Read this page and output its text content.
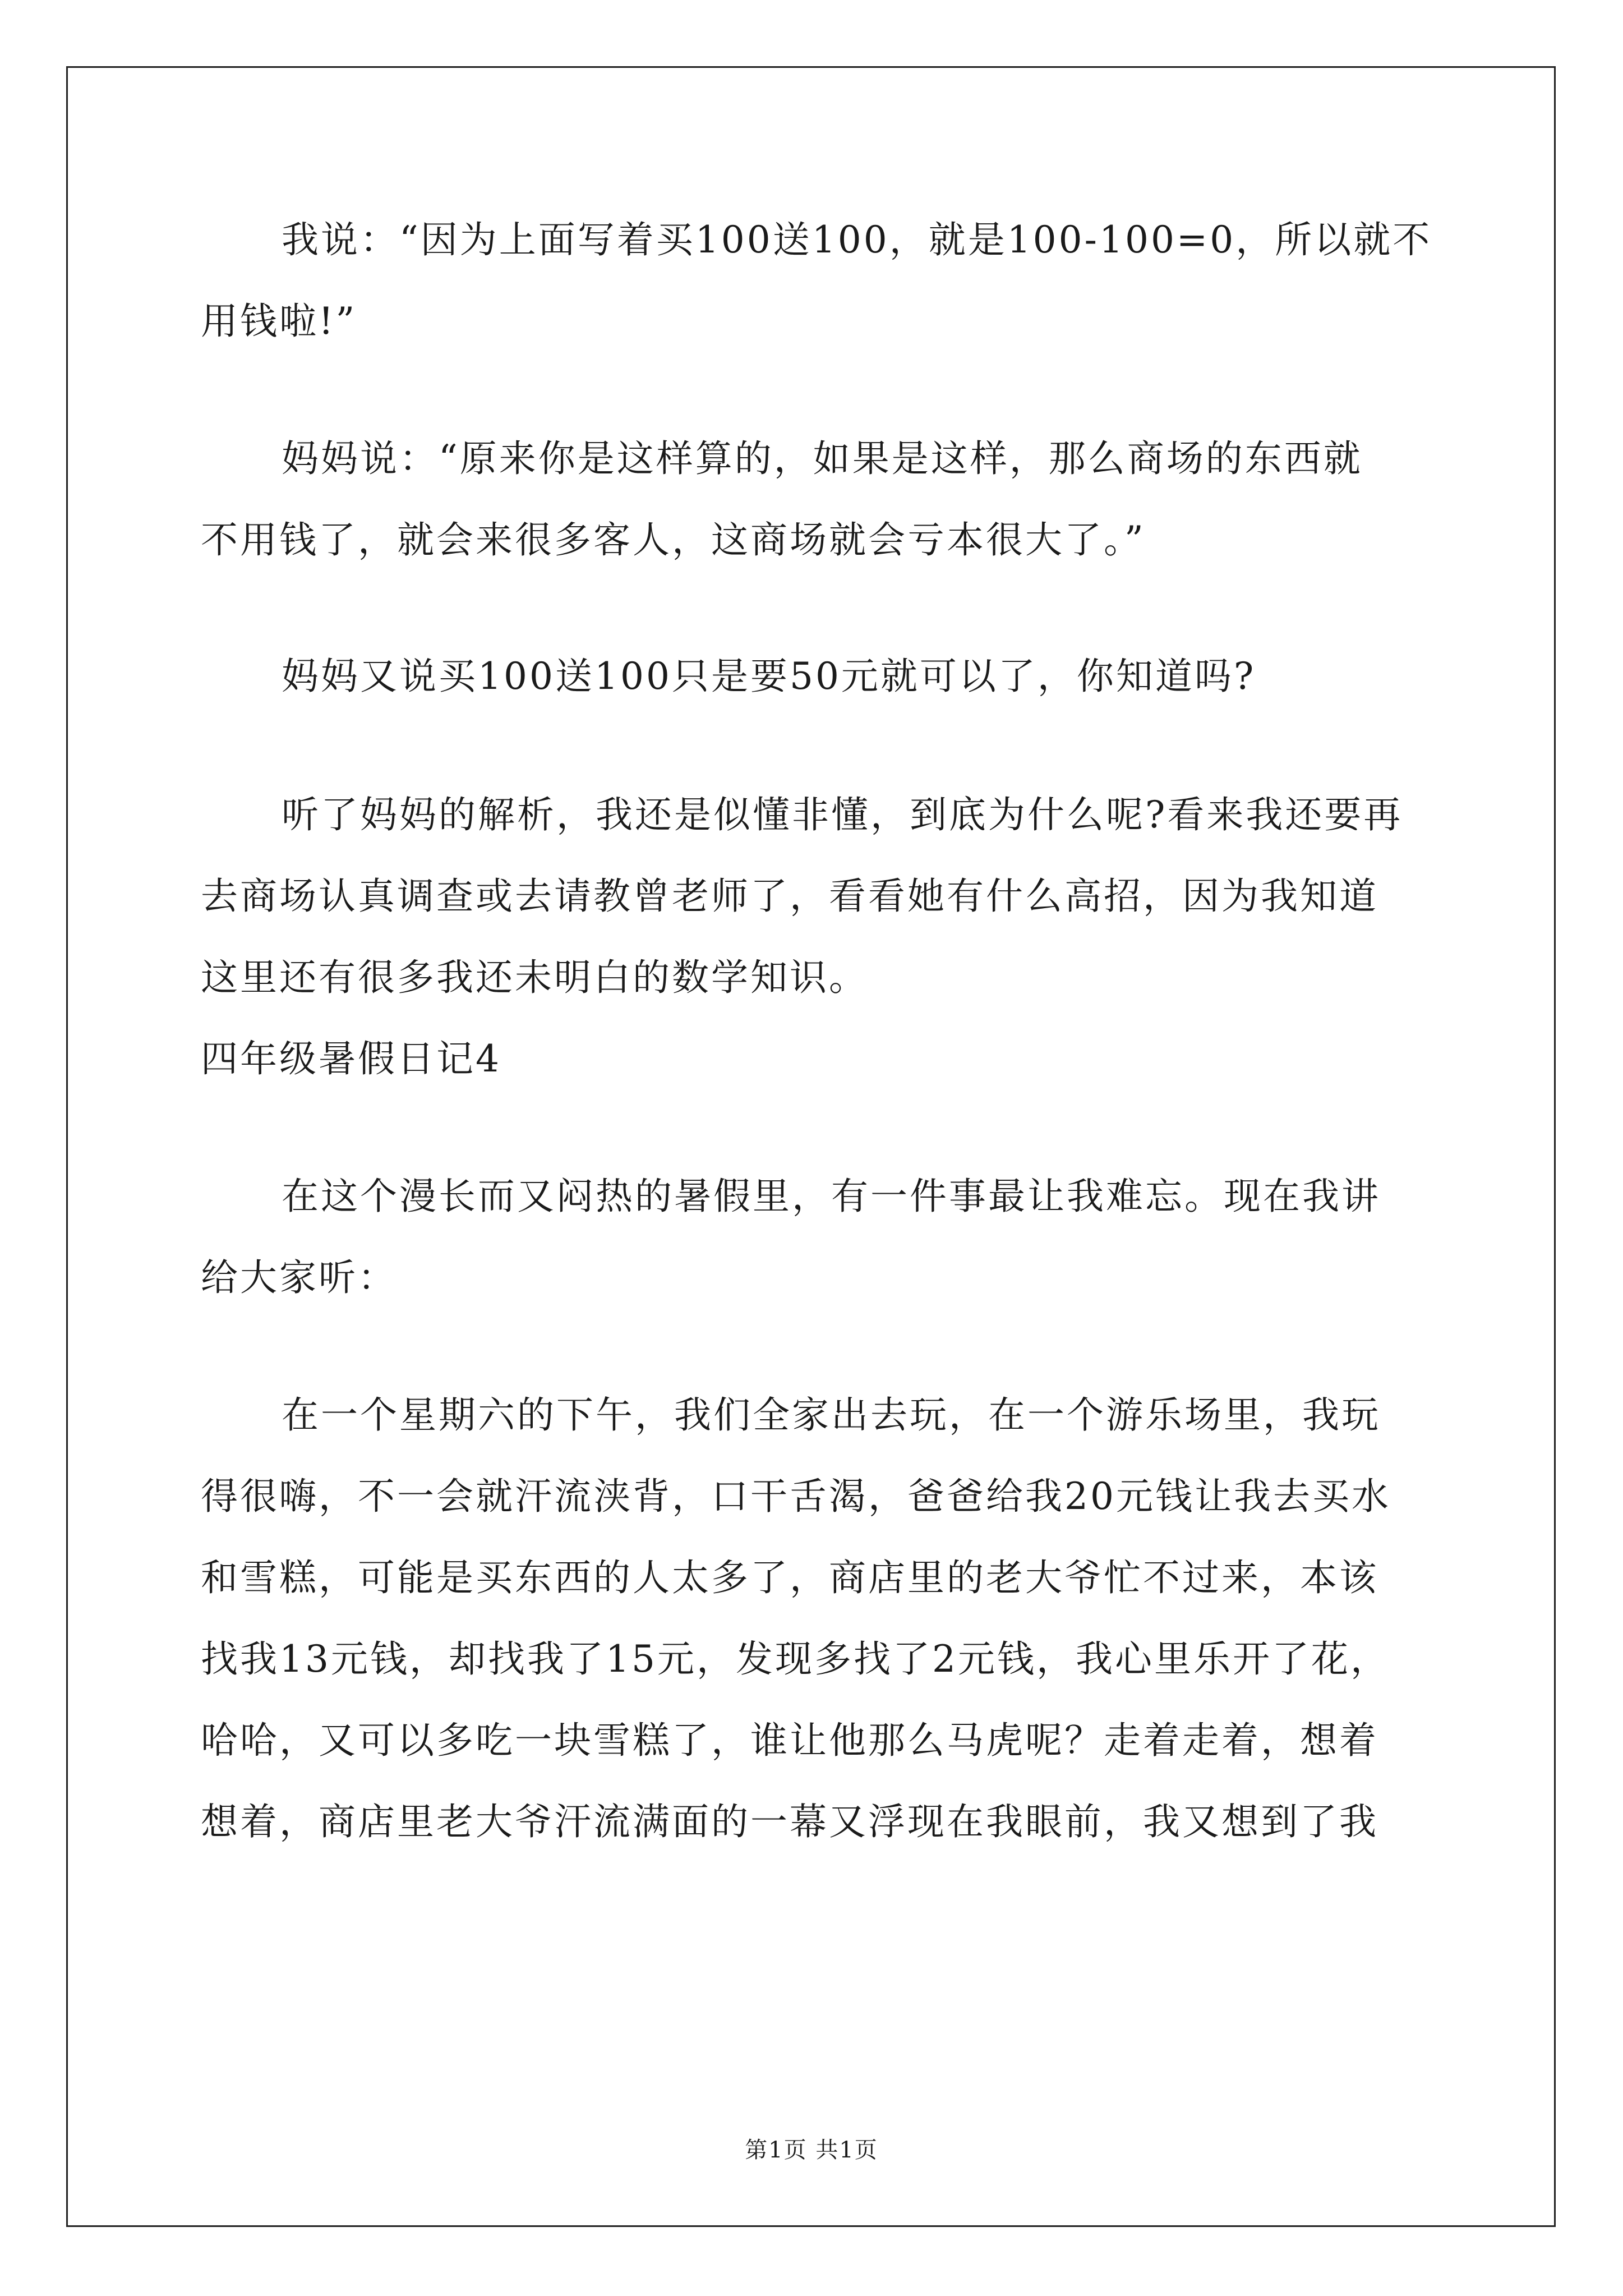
我说：“因为上面写着买100送100，就是100-100=0，所以就不
用钱啦!”
妈妈说：“原来你是这样算的，如果是这样，那么商场的东西就
不用钱了，就会来很多客人，这商场就会亏本很大了。”
妈妈又说买100送100只是要50元就可以了，你知道吗?
听了妈妈的解析，我还是似懂非懂，到底为什么呢?看来我还要再
去商场认真调查或去请教曾老师了，看看她有什么高招，因为我知道
这里还有很多我还未明白的数学知识。
四年级暑假日记4
在这个漫长而又闷热的暑假里，有一件事最让我难忘。现在我讲
给大家听：
在一个星期六的下午，我们全家出去玩，在一个游乐场里，我玩
得很嗨，不一会就汗流浃背，口干舌渴，爸爸给我20元钱让我去买水
和雪糕，可能是买东西的人太多了，商店里的老大爷忙不过来，本该
找我13元钱，却找我了15元，发现多找了2元钱，我心里乐开了花，
哈哈，又可以多吃一块雪糕了，谁让他那么马虎呢？走着走着，想着
想着，商店里老大爷汗流满面的一幕又浮现在我眼前，我又想到了我
第1页 共1页
